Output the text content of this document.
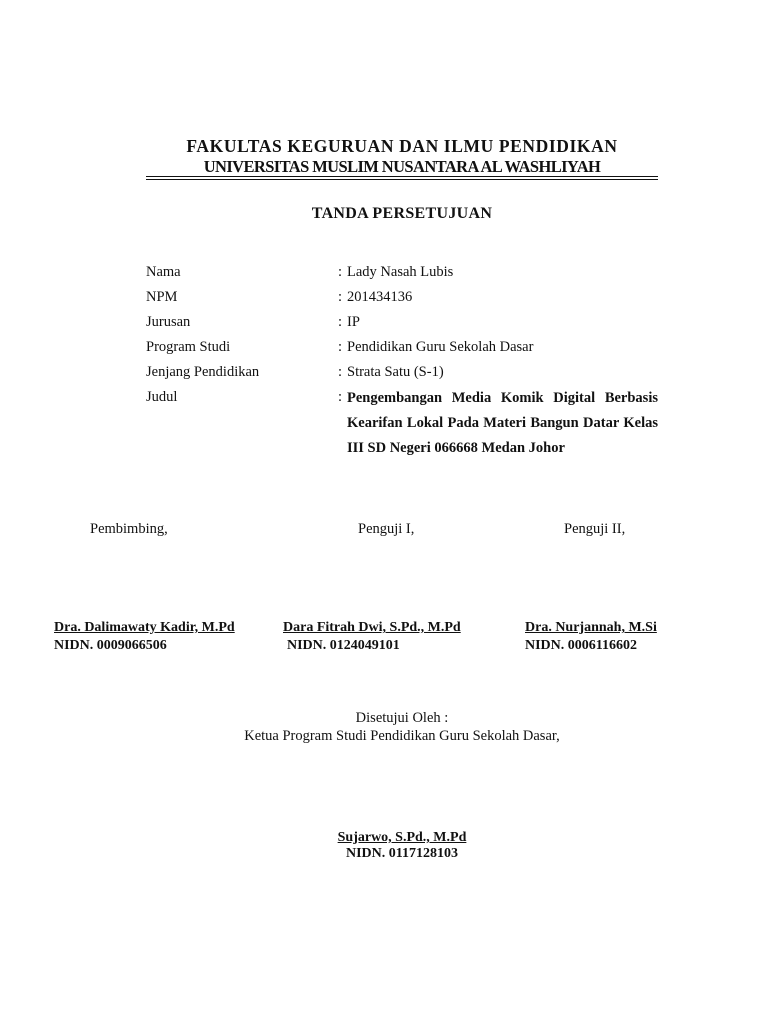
FAKULTAS KEGURUAN DAN ILMU PENDIDIKAN
UNIVERSITAS MUSLIM NUSANTARA AL WASHLIYAH
TANDA PERSETUJUAN
Nama	: Lady Nasah Lubis
NPM	: 201434136
Jurusan	: IP
Program Studi	: Pendidikan Guru Sekolah Dasar
Jenjang Pendidikan	: Strata Satu (S-1)
Judul	: Pengembangan Media Komik Digital Berbasis Kearifan Lokal Pada Materi Bangun Datar Kelas III SD Negeri 066668 Medan Johor
Pembimbing,	Penguji I,	Penguji II,
Dra. Dalimawaty Kadir, M.Pd
NIDN. 0009066506
Dara Fitrah Dwi, S.Pd., M.Pd
NIDN. 0124049101
Dra. Nurjannah, M.Si
NIDN. 0006116602
Disetujui Oleh :
Ketua Program Studi Pendidikan Guru Sekolah Dasar,
Sujarwo, S.Pd., M.Pd
NIDN. 0117128103
